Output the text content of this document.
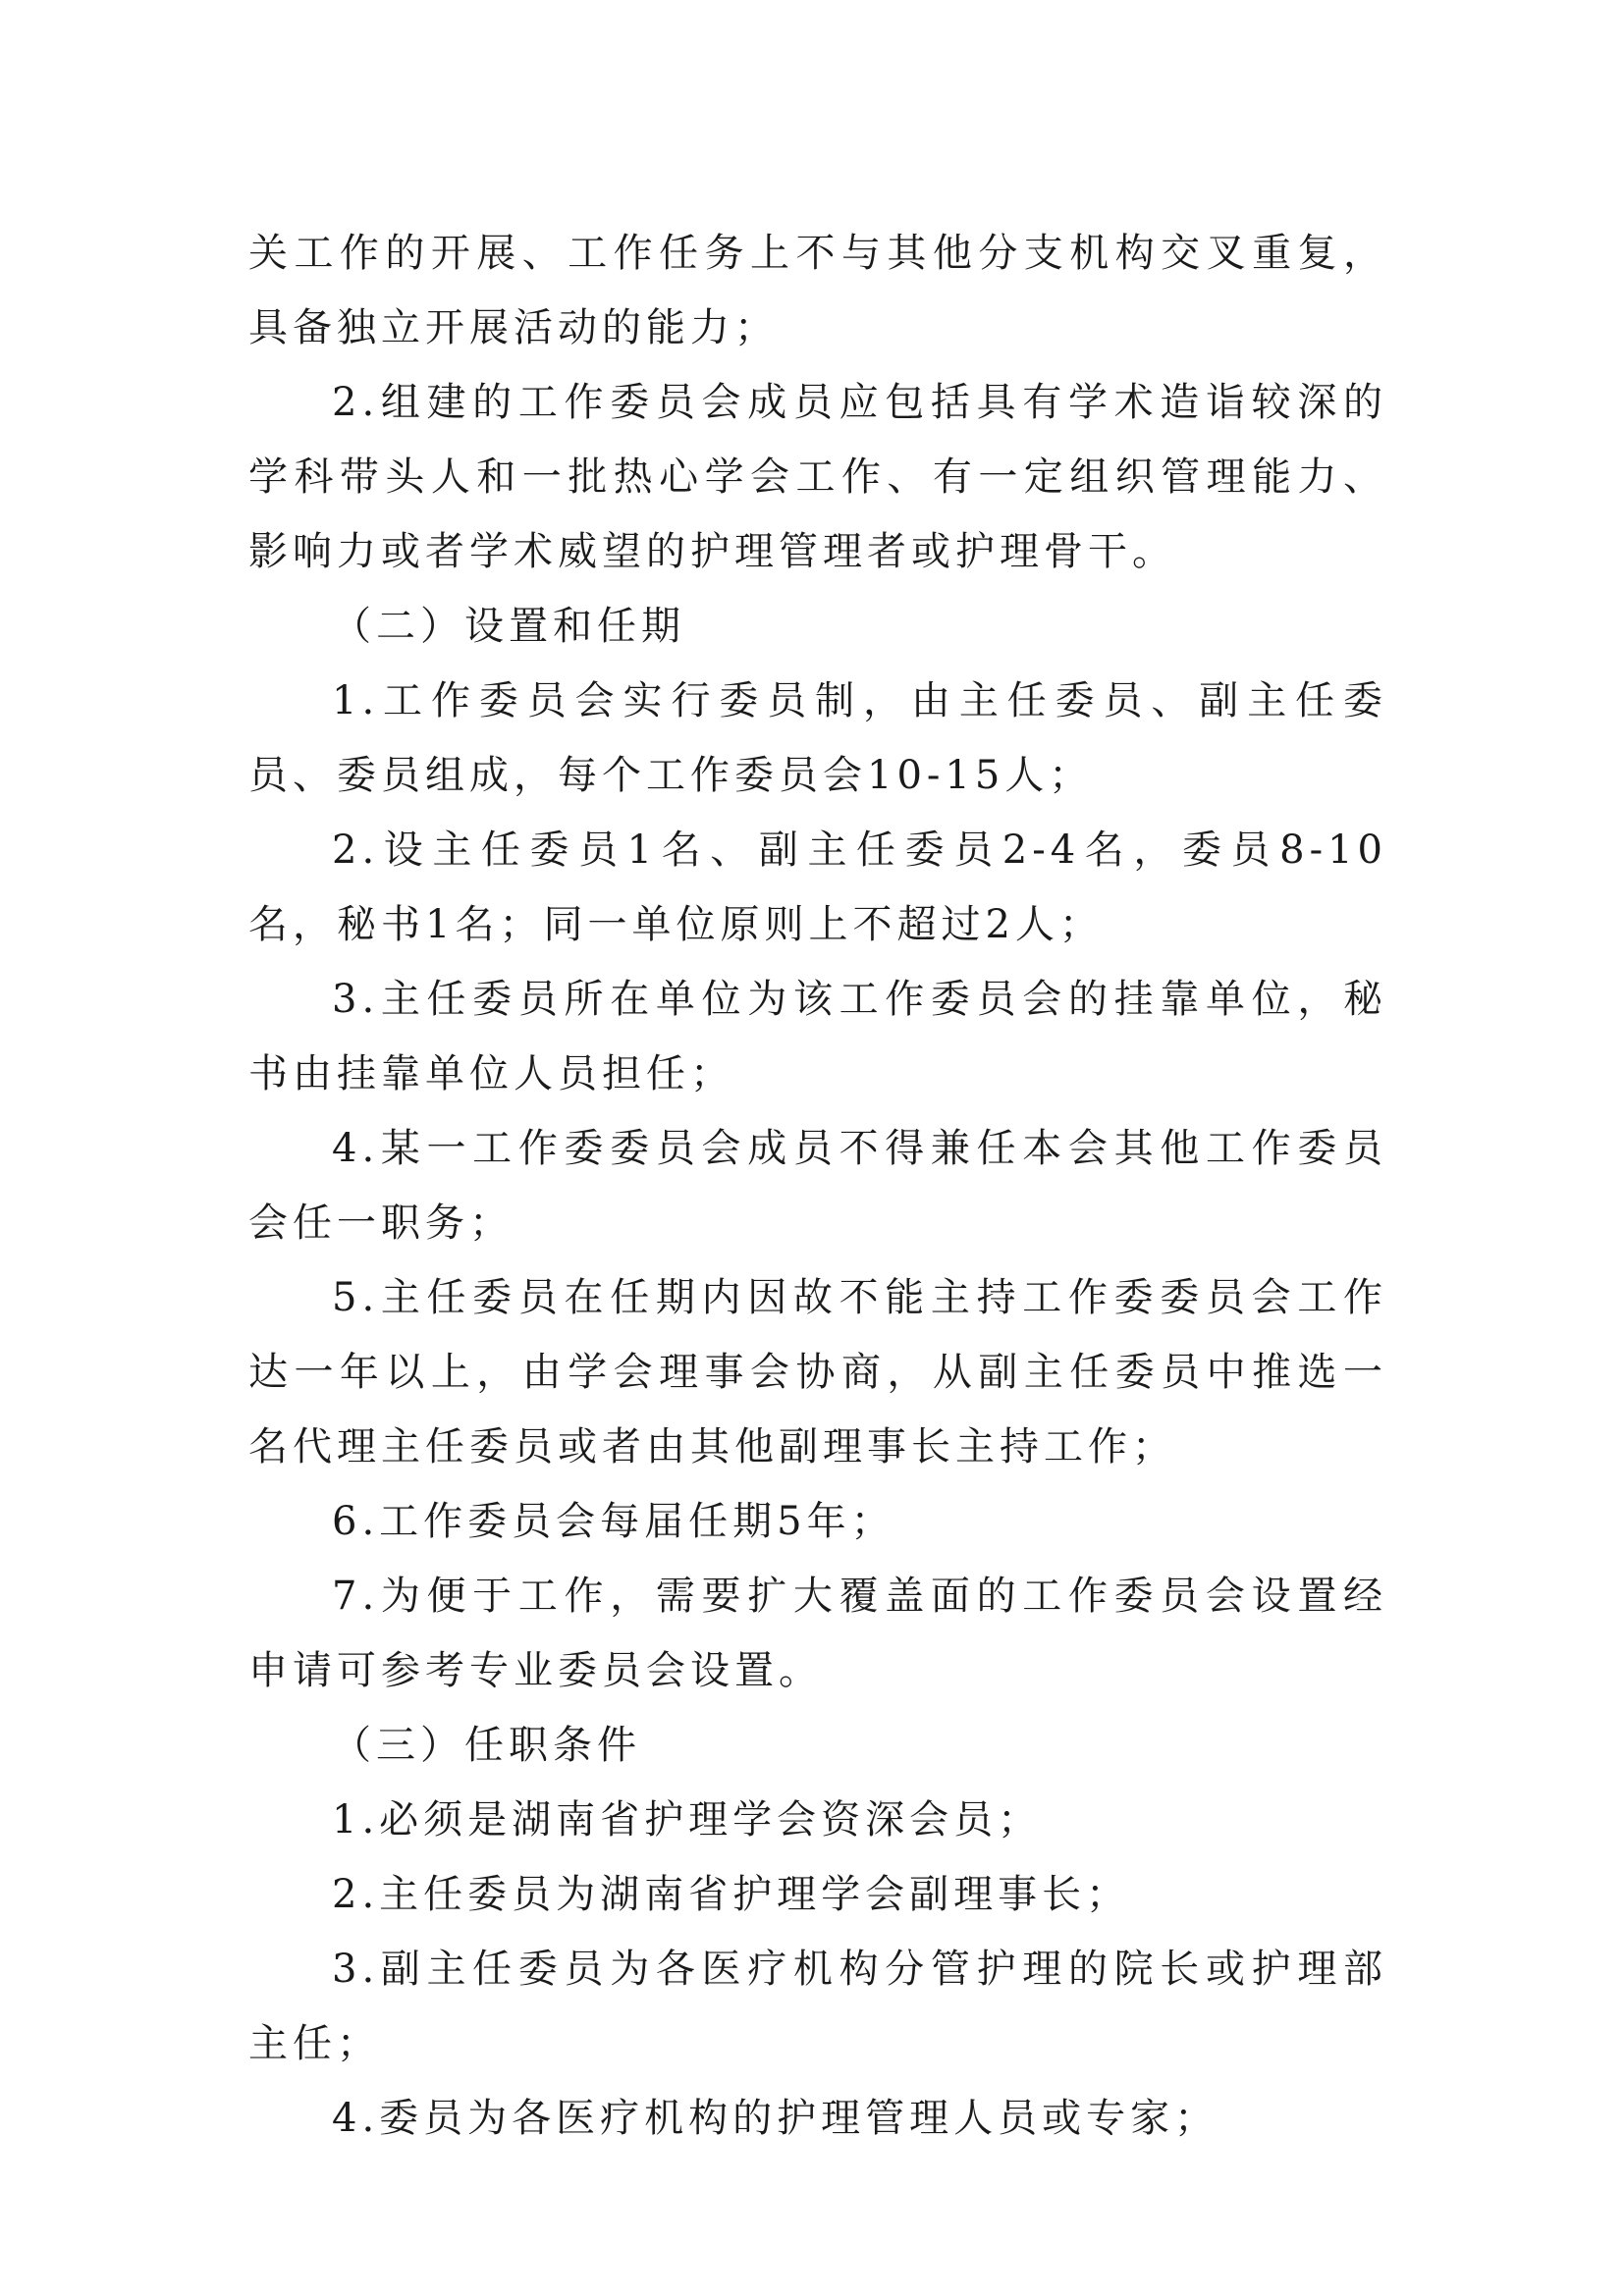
关工作的开展、工作任务上不与其他分支机构交叉重复，具备独立开展活动的能力；

2.组建的工作委员会成员应包括具有学术造诣较深的学科带头人和一批热心学会工作、有一定组织管理能力、影响力或者学术威望的护理管理者或护理骨干。

（二）设置和任期

1.工作委员会实行委员制，由主任委员、副主任委员、委员组成，每个工作委员会10-15人；

2.设主任委员1名、副主任委员2-4名，委员8-10名，秘书1名；同一单位原则上不超过2人；

3.主任委员所在单位为该工作委员会的挂靠单位，秘书由挂靠单位人员担任；

4.某一工作委委员会成员不得兼任本会其他工作委员会任一职务；

5.主任委员在任期内因故不能主持工作委委员会工作达一年以上，由学会理事会协商，从副主任委员中推选一名代理主任委员或者由其他副理事长主持工作；

6.工作委员会每届任期5年；

7.为便于工作，需要扩大覆盖面的工作委员会设置经申请可参考专业委员会设置。

（三）任职条件

1.必须是湖南省护理学会资深会员；

2.主任委员为湖南省护理学会副理事长；

3.副主任委员为各医疗机构分管护理的院长或护理部主任；

4.委员为各医疗机构的护理管理人员或专家；
